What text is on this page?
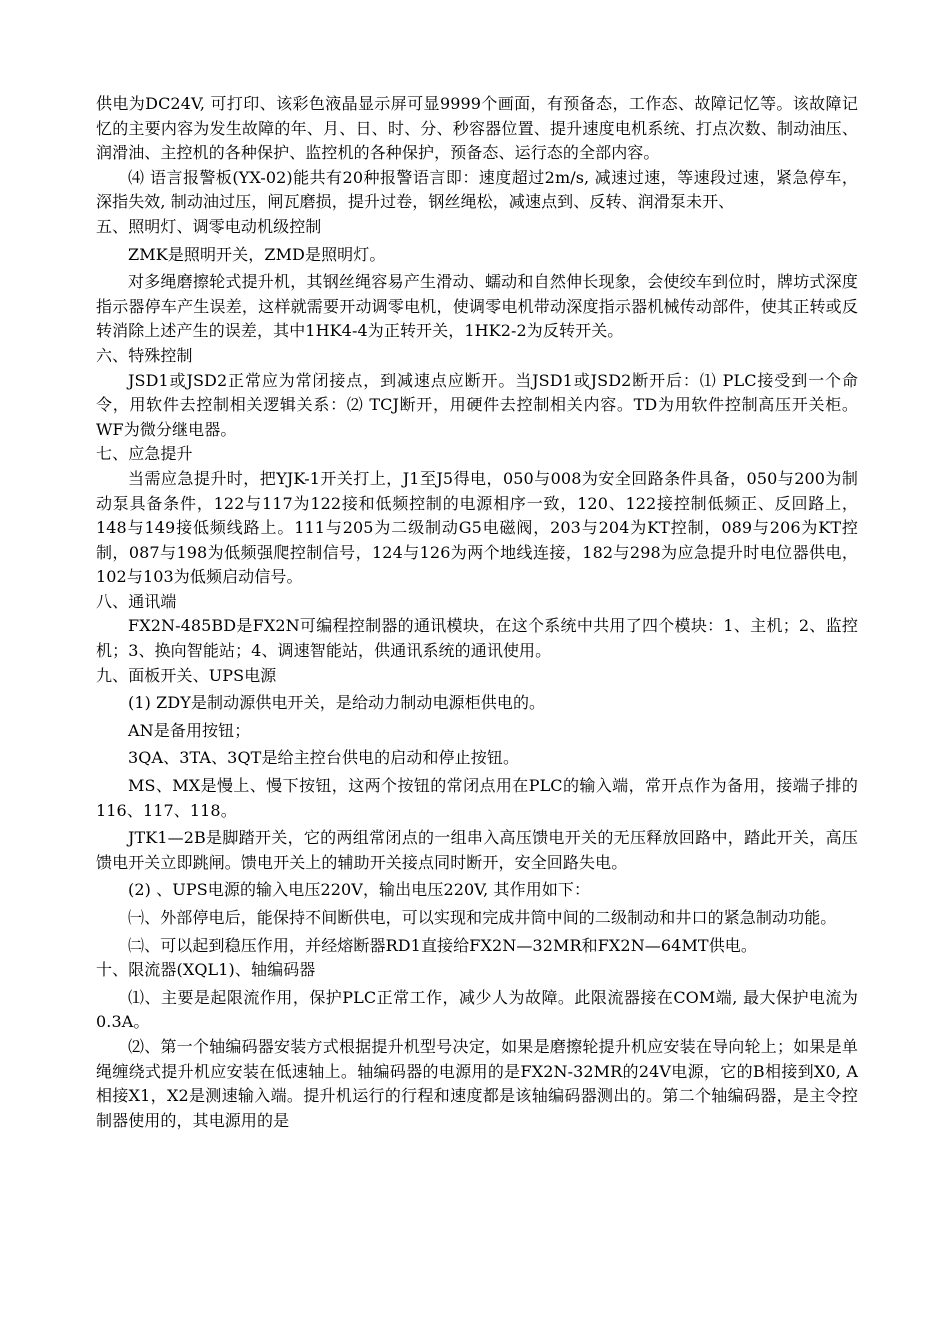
供电为DC24V, 可打印、该彩色液晶显示屏可显9999个画面，有预备态，工作态、故障记忆等。该故障记忆的主要内容为发生故障的年、月、日、时、分、秒容器位置、提升速度电机系统、打点次数、制动油压、润滑油、主控机的各种保护、监控机的各种保护，预备态、运行态的全部内容。

⑷ 语言报警板(YX-02)能共有20种报警语言即：速度超过2m/s, 减速过速，等速段过速，紧急停车，深指失效, 制动油过压，闸瓦磨损，提升过卷，钢丝绳松，减速点到、反转、润滑泵未开、

五、照明灯、调零电动机级控制

ZMK是照明开关，ZMD是照明灯。

对多绳磨擦轮式提升机，其钢丝绳容易产生滑动、蠕动和自然伸长现象，会使绞车到位时，牌坊式深度指示器停车产生误差，这样就需要开动调零电机，使调零电机带动深度指示器机械传动部件，使其正转或反转消除上述产生的误差，其中1HK4-4为正转开关，1HK2-2为反转开关。

六、特殊控制

JSD1或JSD2正常应为常闭接点，到减速点应断开。当JSD1或JSD2断开后：⑴ PLC接受到一个命令，用软件去控制相关逻辑关系：⑵ TCJ断开，用硬件去控制相关内容。TD为用软件控制高压开关柜。WF为微分继电器。

七、应急提升

当需应急提升时，把YJK-1开关打上，J1至J5得电，050与008为安全回路条件具备，050与200为制动泵具备条件，122与117为122接和低频控制的电源相序一致，120、122接控制低频正、反回路上，148与149接低频线路上。111与205为二级制动G5电磁阀，203与204为KT控制，089与206为KT控制，087与198为低频强爬控制信号，124与126为两个地线连接，182与298为应急提升时电位器供电，102与103为低频启动信号。

八、通讯端

FX2N-485BD是FX2N可编程控制器的通讯模块，在这个系统中共用了四个模块：1、主机；2、监控机；3、换向智能站；4、调速智能站，供通讯系统的通讯使用。

九、面板开关、UPS电源

(1) ZDY是制动源供电开关，是给动力制动电源柜供电的。

AN是备用按钮；

3QA、3TA、3QT是给主控台供电的启动和停止按钮。

MS、MX是慢上、慢下按钮，这两个按钮的常闭点用在PLC的输入端，常开点作为备用，接端子排的116、117、118。

JTK1—2B是脚踏开关，它的两组常闭点的一组串入高压馈电开关的无压释放回路中，踏此开关，高压馈电开关立即跳闸。馈电开关上的辅助开关接点同时断开，安全回路失电。

(2) 、UPS电源的输入电压220V，输出电压220V, 其作用如下：

㈠、外部停电后，能保持不间断供电，可以实现和完成井筒中间的二级制动和井口的紧急制动功能。

㈡、可以起到稳压作用，并经熔断器RD1直接给FX2N—32MR和FX2N—64MT供电。

十、限流器(XQL1)、轴编码器

⑴、主要是起限流作用，保护PLC正常工作，减少人为故障。此限流器接在COM端, 最大保护电流为0.3A。

⑵、第一个轴编码器安装方式根据提升机型号决定，如果是磨擦轮提升机应安装在导向轮上；如果是单绳缠绕式提升机应安装在低速轴上。轴编码器的电源用的是FX2N-32MR的24V电源，它的B相接到X0, A相接X1，X2是测速输入端。提升机运行的行程和速度都是该轴编码器测出的。第二个轴编码器，是主令控制器使用的，其电源用的是
